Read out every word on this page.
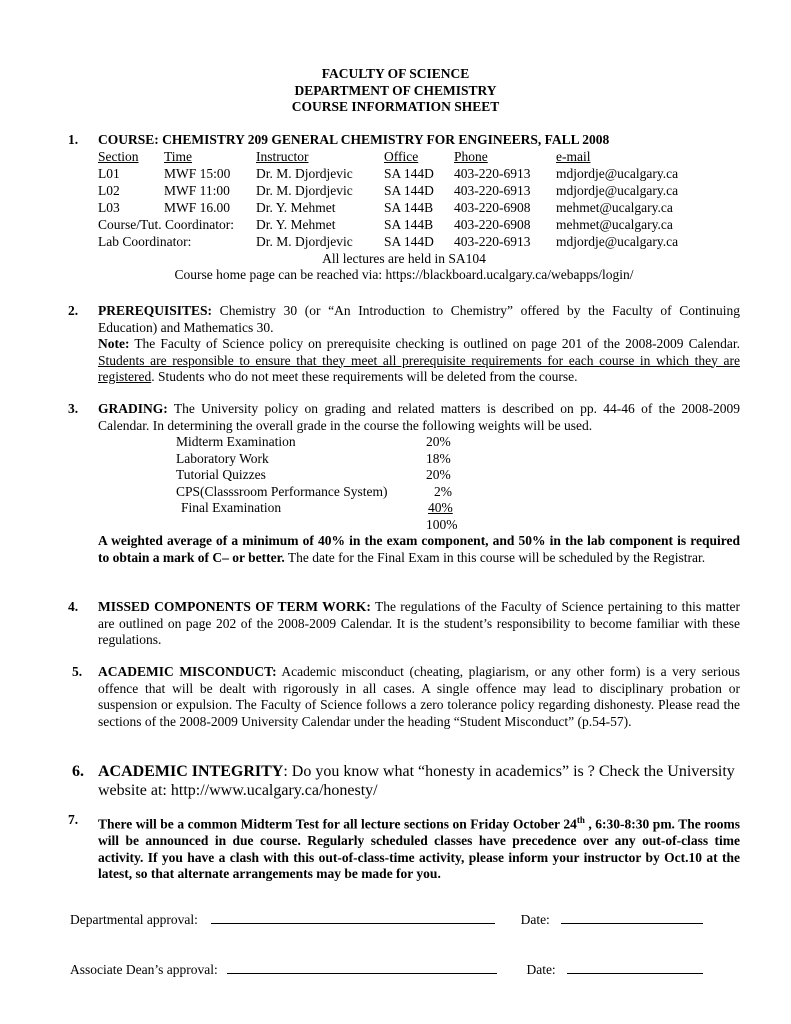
FACULTY OF SCIENCE
DEPARTMENT OF CHEMISTRY
COURSE INFORMATION SHEET
1. COURSE: CHEMISTRY 209 GENERAL CHEMISTRY FOR ENGINEERS, FALL 2008
Section	Time	Instructor	Office	Phone	e-mail
L01	MWF 15:00	Dr. M. Djordjevic	SA 144D	403-220-6913	mdjordje@ucalgary.ca
L02	MWF 11:00	Dr. M. Djordjevic	SA 144D	403-220-6913	mdjordje@ucalgary.ca
L03	MWF 16.00	Dr. Y. Mehmet	SA 144B	403-220-6908	mehmet@ucalgary.ca
Course/Tut. Coordinator:		Dr. Y. Mehmet	SA 144B	403-220-6908	mehmet@ucalgary.ca
Lab Coordinator:		Dr. M. Djordjevic	SA 144D	403-220-6913	mdjordje@ucalgary.ca
All lectures are held in SA104
Course home page can be reached via: https://blackboard.ucalgary.ca/webapps/login/
2. PREREQUISITES: Chemistry 30 (or “An Introduction to Chemistry” offered by the Faculty of Continuing Education) and Mathematics 30.
Note: The Faculty of Science policy on prerequisite checking is outlined on page 201 of the 2008-2009 Calendar. Students are responsible to ensure that they meet all prerequisite requirements for each course in which they are registered. Students who do not meet these requirements will be deleted from the course.
3. GRADING: The University policy on grading and related matters is described on pp. 44-46 of the 2008-2009 Calendar. In determining the overall grade in the course the following weights will be used.
Midterm Examination	20%
Laboratory Work	18%
Tutorial Quizzes	20%
CPS(Classsroom Performance System)	2%
Final Examination	40%
	100%
A weighted average of a minimum of 40% in the exam component, and 50% in the lab component is required to obtain a mark of C– or better. The date for the Final Exam in this course will be scheduled by the Registrar.
4. MISSED COMPONENTS OF TERM WORK: The regulations of the Faculty of Science pertaining to this matter are outlined on page 202 of the 2008-2009 Calendar. It is the student’s responsibility to become familiar with these regulations.
5. ACADEMIC MISCONDUCT: Academic misconduct (cheating, plagiarism, or any other form) is a very serious offence that will be dealt with rigorously in all cases. A single offence may lead to disciplinary probation or suspension or expulsion. The Faculty of Science follows a zero tolerance policy regarding dishonesty. Please read the sections of the 2008-2009 University Calendar under the heading “Student Misconduct” (p.54-57).
6. ACADEMIC INTEGRITY: Do you know what “honesty in academics” is ? Check the University website at: http://www.ucalgary.ca/honesty/
7. There will be a common Midterm Test for all lecture sections on Friday October 24th , 6:30-8:30 pm. The rooms will be announced in due course. Regularly scheduled classes have precedence over any out-of-class time activity. If you have a clash with this out-of-class-time activity, please inform your instructor by Oct.10 at the latest, so that alternate arrangements may be made for you.
Departmental approval:	Date:
Associate Dean’s approval:	Date:
